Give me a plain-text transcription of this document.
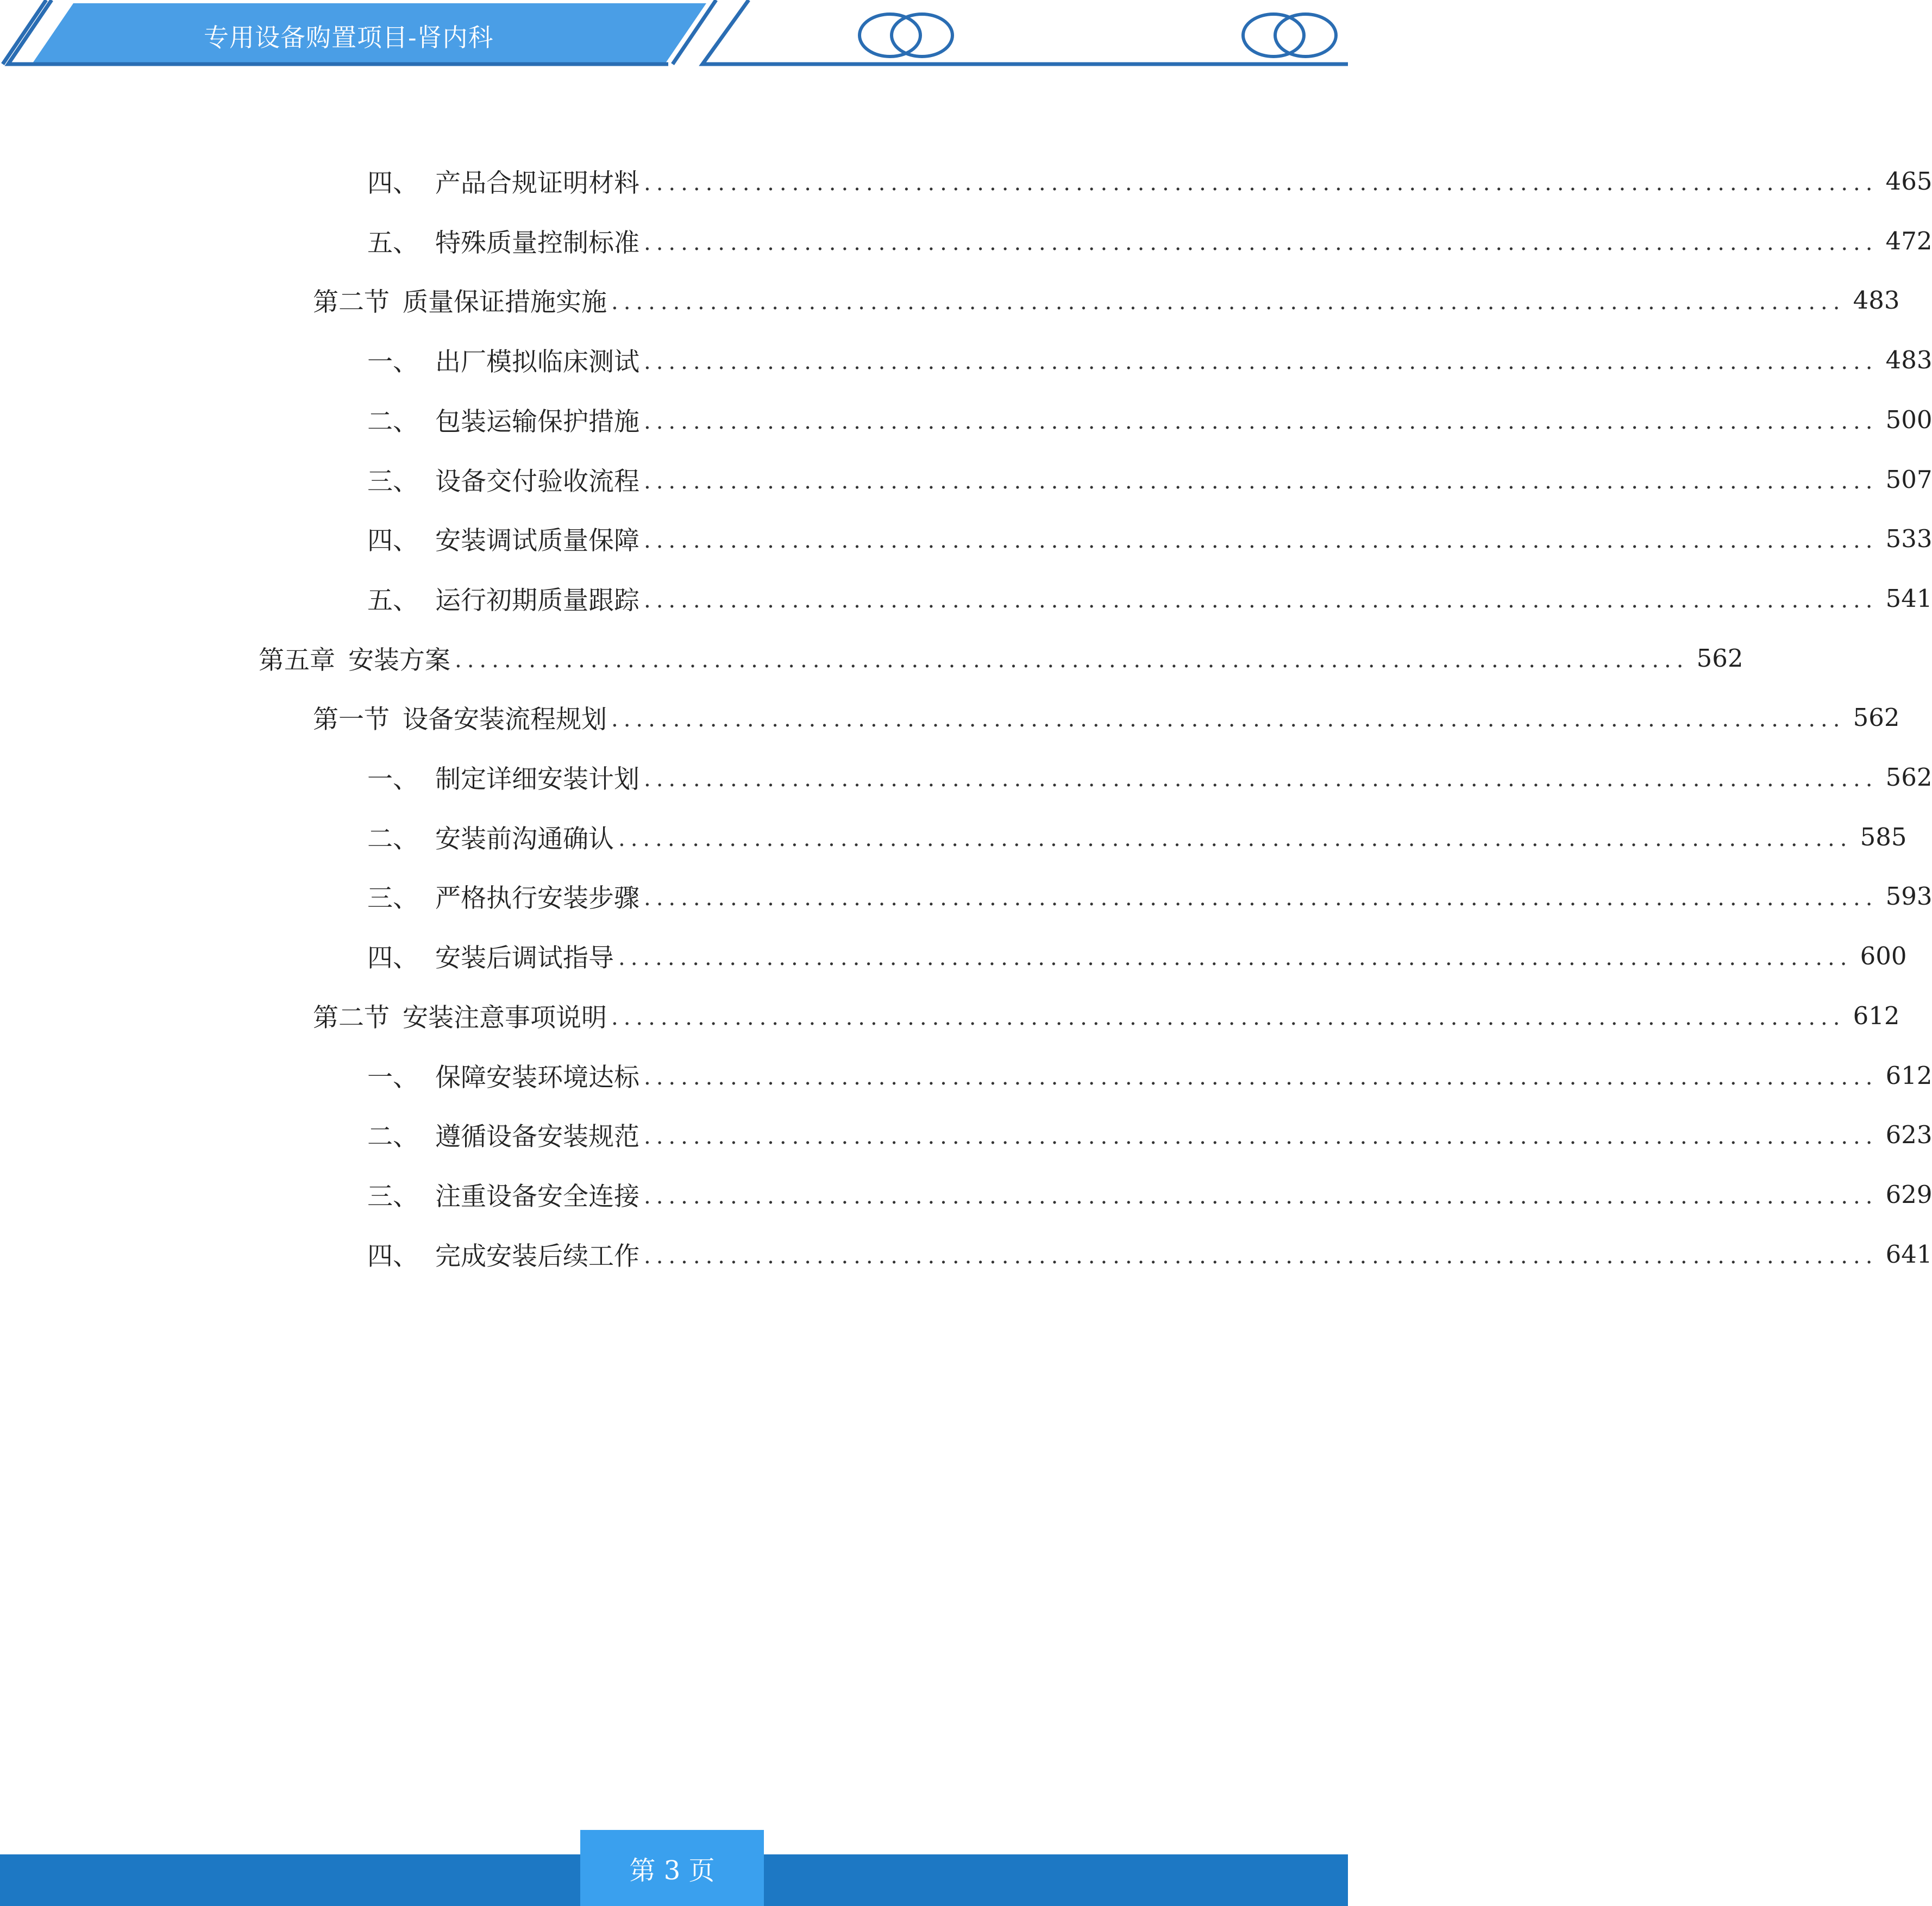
专用设备购置项目-肾内科
四、 产品合规证明材料 .................................................................................................... 465
五、 特殊质量控制标准 .................................................................................................... 472
第二节 质量保证措施实施 .................................................................................................... 483
一、 出厂模拟临床测试 .................................................................................................... 483
二、 包装运输保护措施 .................................................................................................... 500
三、 设备交付验收流程 .................................................................................................... 507
四、 安装调试质量保障 .................................................................................................... 533
五、 运行初期质量跟踪 .................................................................................................... 541
第五章 安装方案 .................................................................................................... 562
第一节 设备安装流程规划 .................................................................................................... 562
一、 制定详细安装计划 .................................................................................................... 562
二、 安装前沟通确认 .................................................................................................... 585
三、 严格执行安装步骤 .................................................................................................... 593
四、 安装后调试指导 .................................................................................................... 600
第二节 安装注意事项说明 .................................................................................................... 612
一、 保障安装环境达标 .................................................................................................... 612
二、 遵循设备安装规范 .................................................................................................... 623
三、 注重设备安全连接 .................................................................................................... 629
四、 完成安装后续工作 .................................................................................................... 641
第 3 页
